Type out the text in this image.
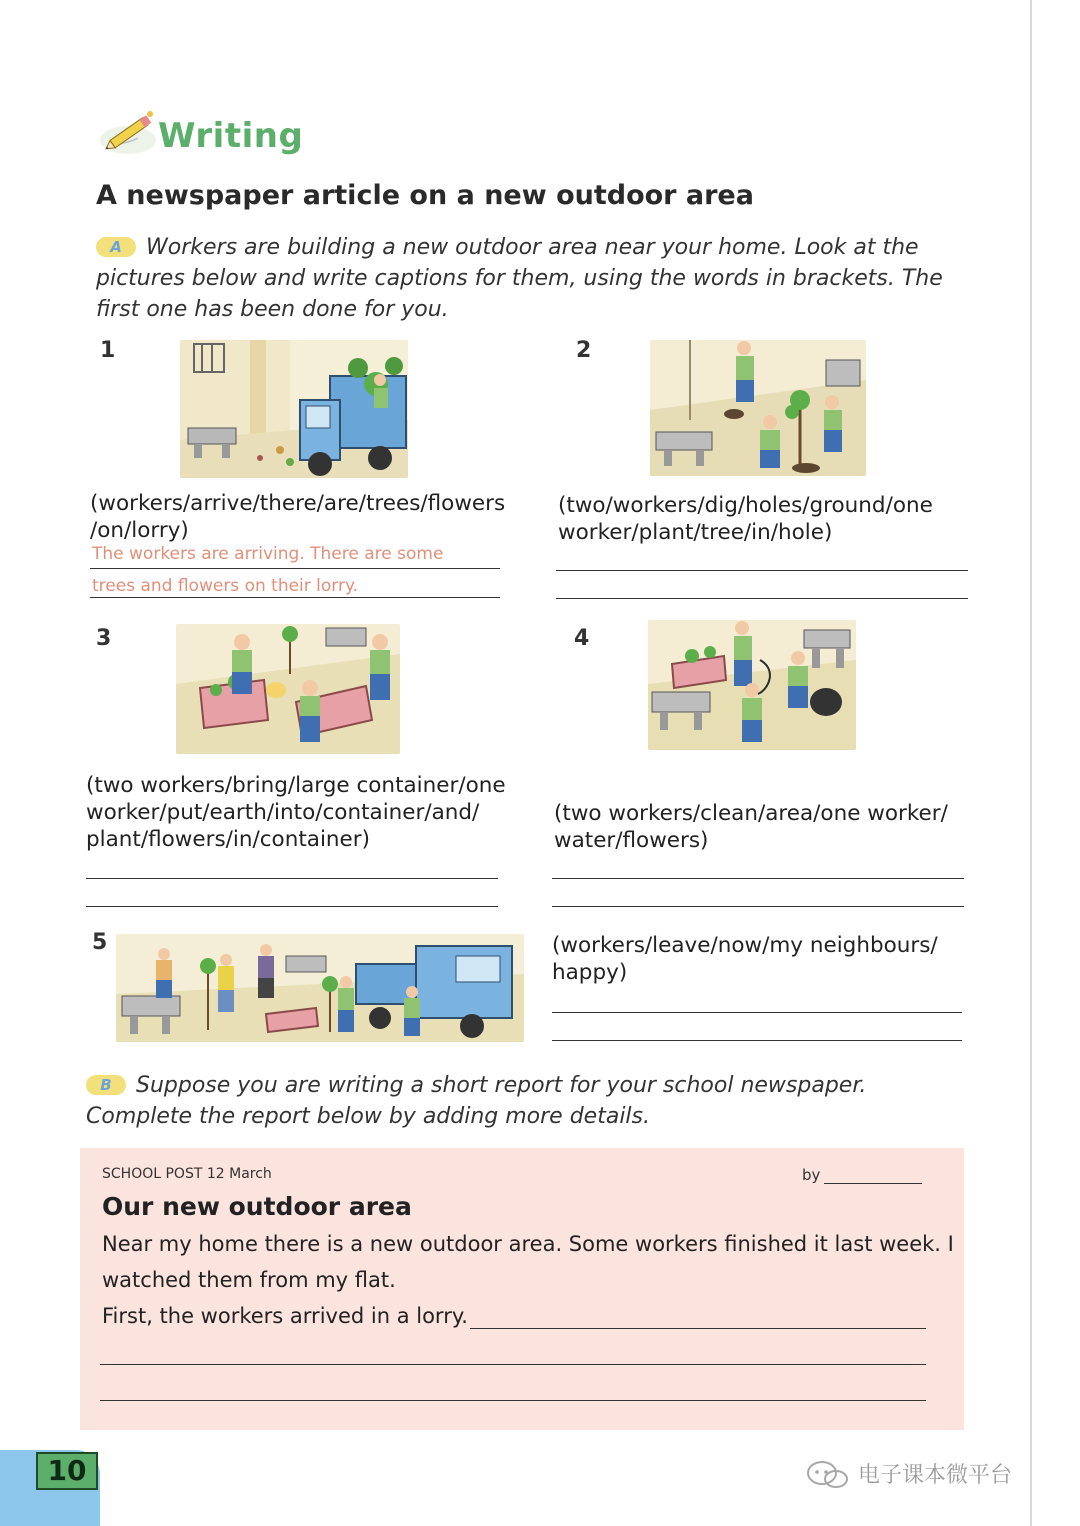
Writing
A newspaper article on a new outdoor area
A Workers are building a new outdoor area near your home. Look at the pictures below and write captions for them, using the words in brackets. The first one has been done for you.
1
(workers/arrive/there/are/trees/flowers /on/lorry)
The workers are arriving. There are some
trees and flowers on their lorry.
2
(two/workers/dig/holes/ground/one worker/plant/tree/in/hole)
3
(two workers/bring/large container/one worker/put/earth/into/container/and/ plant/flowers/in/container)
4
(two workers/clean/area/one worker/ water/flowers)
5	(workers/leave/now/my neighbours/ happy)
B Suppose you are writing a short report for your school newspaper. Complete the report below by adding more details.
SCHOOL POST 12 March	by
Our new outdoor area
Near my home there is a new outdoor area. Some workers finished it last week. I
watched them from my flat.
First, the workers arrived in a lorry.
10	电子课本微平台
